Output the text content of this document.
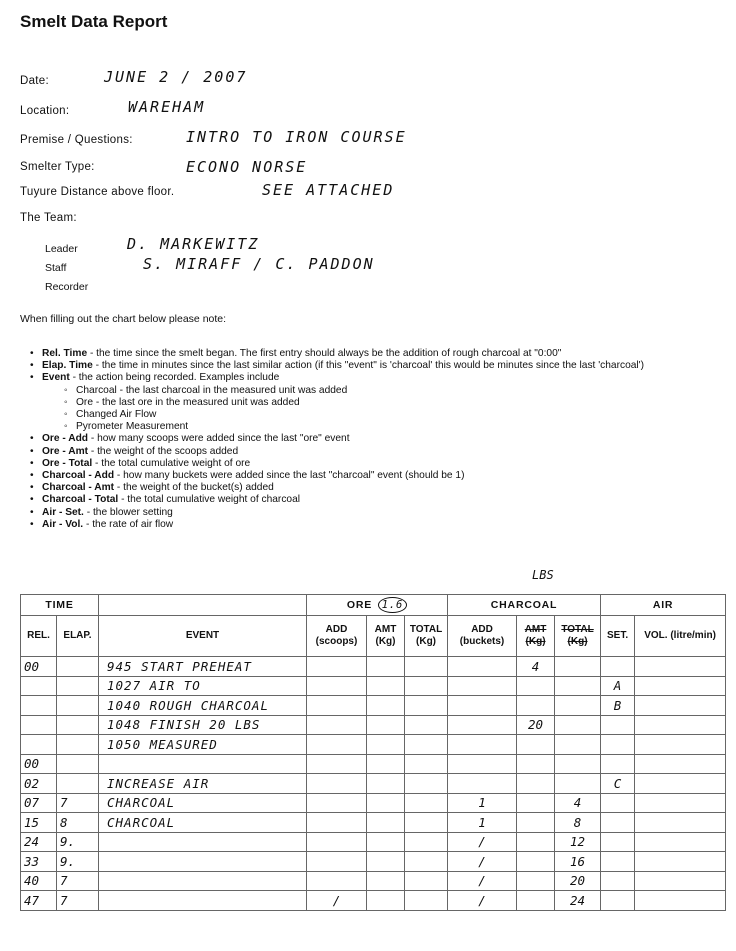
Smelt Data Report
Date:	JUNE 2 / 2007
Location:	WAREHAM
Premise / Questions:	INTRO TO IRON COURSE
Smelter Type:	ECONO NORSE
Tuyure Distance above floor.	SEE ATTACHED
The Team:
Leader	D. MARKEWITZ
Staff	S. MIRAFF / C. PADDON
Recorder
When filling out the chart below please note:
• Rel. Time - the time since the smelt began. The first entry should always be the addition of rough charcoal at "0:00"
• Elap. Time - the time in minutes since the last similar action (if this "event" is 'charcoal' this would be minutes since the last 'charcoal')
• Event - the action being recorded. Examples include
◦ Charcoal - the last charcoal in the measured unit was added
◦ Ore - the last ore in the measured unit was added
◦ Changed Air Flow
◦ Pyrometer Measurement
• Ore - Add - how many scoops were added since the last "ore" event
• Ore - Amt - the weight of the scoops added
• Ore - Total - the total cumulative weight of ore
• Charcoal - Add - how many buckets were added since the last "charcoal" event (should be 1)
• Charcoal - Amt - the weight of the bucket(s) added
• Charcoal - Total - the total cumulative weight of charcoal
• Air - Set. - the blower setting
• Air - Vol. - the rate of air flow
LBS
TIME			ORE 1.6			CHARCOAL			AIR	
REL.	ELAP.	EVENT	ADD (scoops)	AMT (Kg)	TOTAL (Kg)	ADD (buckets)	AMT (Kg)	TOTAL (Kg)	SET.	VOL. (litre/min)
00		945 START PREHEAT					4			
		1027 AIR TO							A	
		1040 ROUGH CHARCOAL							B	
		1048 FINISH 20 LBS					20			
		1050 MEASURED								
00										
02		INCREASE AIR							C	
07	7	CHARCOAL				1		4		
15	8	CHARCOAL				1		8		
24	9.					/		12		
33	9.					/		16		
40	7					/		20		
47	7		/			/		24		
